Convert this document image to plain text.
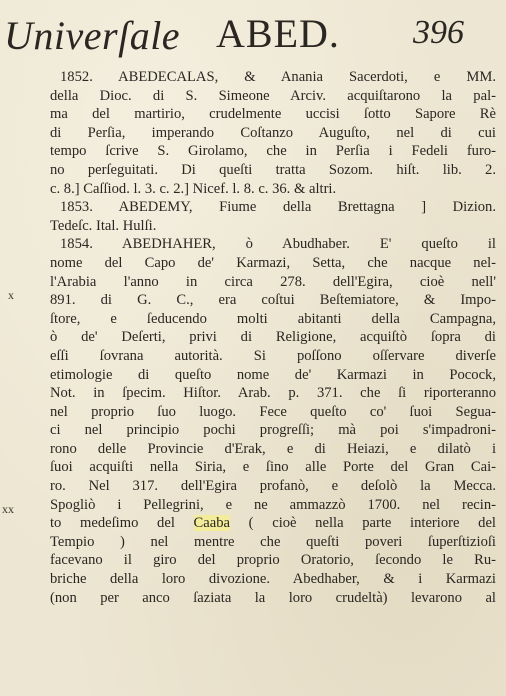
Univerſale ABED. 396
x
xx
1852. ABEDECALAS, & Anania Sacerdoti, e MM.
della Dioc. di S. Simeone Arciv. acquiſtarono la pal-
ma del martirio, crudelmente uccisi ſotto Sapore Rè
di Perſia, imperando Coſtanzo Auguſto, nel di cui
tempo ſcrive S. Girolamo, che in Perſia i Fedeli furo-
no perſeguitati. Di queſti tratta Sozom. hiſt. lib. 2.
c. 8.] Caſſiod. l. 3. c. 2.] Nicef. l. 8. c. 36. & altri.
1853. ABEDEMY, Fiume della Brettagna ] Dizion.
Tedeſc. Ital. Hulſi.
1854. ABEDHAHER, ò Abudhaber. E' queſto il
nome del Capo de' Karmazi, Setta, che nacque nel-
l'Arabia l'anno in circa 278. dell'Egira, cioè nell'
891. di G. C., era coſtui Beſtemiatore, & Impo-
ſtore, e ſeducendo molti abitanti della Campagna,
ò de' Deſerti, privi di Religione, acquiſtò ſopra di
eſſi ſovrana autorità. Si poſſono oſſervare diverſe
etimologie di queſto nome de' Karmazi in Pocock,
Not. in ſpecim. Hiſtor. Arab. p. 371. che ſi riporteranno
nel proprio ſuo luogo. Fece queſto co' ſuoi Segua-
ci nel principio pochi progreſſi; mà poi s'impadroni-
rono delle Provincie d'Erak, e di Heiazi, e dilatò i
ſuoi acquiſti nella Siria, e ſino alle Porte del Gran Cai-
ro. Nel 317. dell'Egira profanò, e deſolò la Mecca.
Spogliò i Pellegrini, e ne ammazzò 1700. nel recin-
to medeſimo del Caaba ( cioè nella parte interiore del
Tempio ) nel mentre che queſti poveri ſuperſtizioſi
facevano il giro del proprio Oratorio, ſecondo le Ru-
briche della loro divozione. Abedhaber, & i Karmazi
(non per anco ſaziata la loro crudeltà) levarono al
